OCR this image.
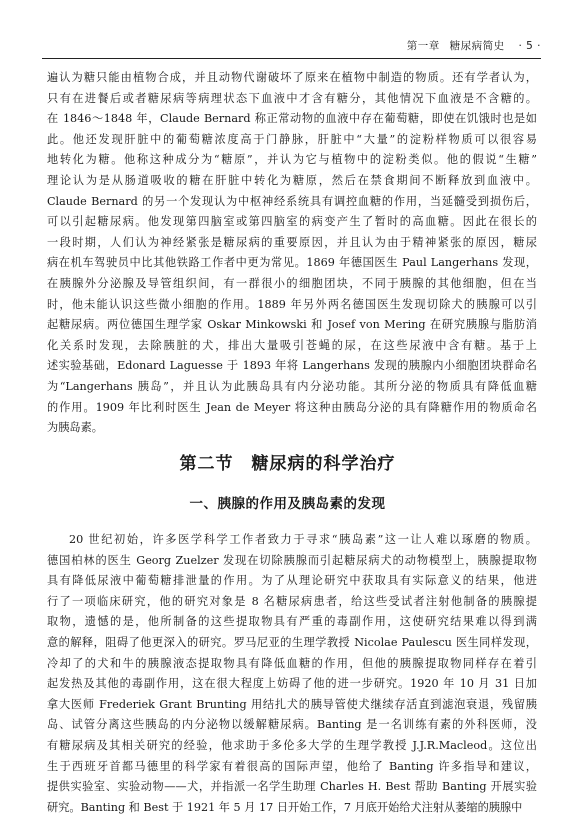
第一章 糖尿病简史 · 5 ·
遍认为糖只能由植物合成，并且动物代谢破坏了原来在植物中制造的物质。还有学者认为，
只有在进餐后或者糖尿病等病理状态下血液中才含有糖分，其他情况下血液是不含糖的。
在 1846～1848 年，Claude Bernard 称正常动物的血液中存在葡萄糖，即使在饥饿时也是如
此。他还发现肝脏中的葡萄糖浓度高于门静脉，肝脏中“大量”的淀粉样物质可以很容易
地转化为糖。他称这种成分为“糖原”，并认为它与植物中的淀粉类似。他的假说“生糖”
理论认为是从肠道吸收的糖在肝脏中转化为糖原，然后在禁食期间不断释放到血液中。
Claude Bernard 的另一个发现认为中枢神经系统具有调控血糖的作用，当延髓受到损伤后，
可以引起糖尿病。他发现第四脑室或第四脑室的病变产生了暂时的高血糖。因此在很长的
一段时期，人们认为神经紧张是糖尿病的重要原因，并且认为由于精神紧张的原因，糖尿
病在机车驾驶员中比其他铁路工作者中更为常见。1869 年德国医生 Paul Langerhans 发现，
在胰腺外分泌腺及导管组织间，有一群很小的细胞团块，不同于胰腺的其他细胞，但在当
时，他未能认识这些微小细胞的作用。1889 年另外两名德国医生发现切除犬的胰腺可以引
起糖尿病。两位德国生理学家 Oskar Minkowski 和 Josef von Mering 在研究胰腺与脂肪消
化关系时发现，去除胰脏的犬，排出大量吸引苍蝇的尿，在这些尿液中含有糖。基于上
述实验基础，Edonard Laguesse 于 1893 年将 Langerhans 发现的胰腺内小细胞团块群命名
为“Langerhans 胰岛”，并且认为此胰岛具有内分泌功能。其所分泌的物质具有降低血糖
的作用。1909 年比利时医生 Jean de Meyer 将这种由胰岛分泌的具有降糖作用的物质命名
为胰岛素。
第二节　糖尿病的科学治疗
一、胰腺的作用及胰岛素的发现
20 世纪初始，许多医学科学工作者致力于寻求“胰岛素”这一让人难以琢磨的物质。
德国柏林的医生 Georg Zuelzer 发现在切除胰腺而引起糖尿病犬的动物模型上，胰腺提取物
具有降低尿液中葡萄糖排泄量的作用。为了从理论研究中获取具有实际意义的结果，他进
行了一项临床研究，他的研究对象是 8 名糖尿病患者，给这些受试者注射他制备的胰腺提
取物，遗憾的是，他所制备的这些提取物具有严重的毒副作用，这使研究结果难以得到满
意的解释，阻碍了他更深入的研究。罗马尼亚的生理学教授 Nicolae Paulescu 医生同样发现，
冷却了的犬和牛的胰腺液态提取物具有降低血糖的作用，但他的胰腺提取物同样存在着引
起发热及其他的毒副作用，这在很大程度上妨碍了他的进一步研究。1920 年 10 月 31 日加
拿大医师 Frederiek Grant Brunting 用结扎犬的胰导管使犬继续存活直到滤泡衰退，残留胰
岛、试管分离这些胰岛的内分泌物以缓解糖尿病。Banting 是一名训练有素的外科医师，没
有糖尿病及其相关研究的经验，他求助于多伦多大学的生理学教授 J.J.R.Macleod。这位出
生于西班牙首都马德里的科学家有着很高的国际声望，他给了 Banting 许多指导和建议，
提供实验室、实验动物——犬，并指派一名学生助理 Charles H. Best 帮助 Banting 开展实验
研究。Banting 和 Best 于 1921 年 5 月 17 日开始工作，7 月底开始给犬注射从萎缩的胰腺中
